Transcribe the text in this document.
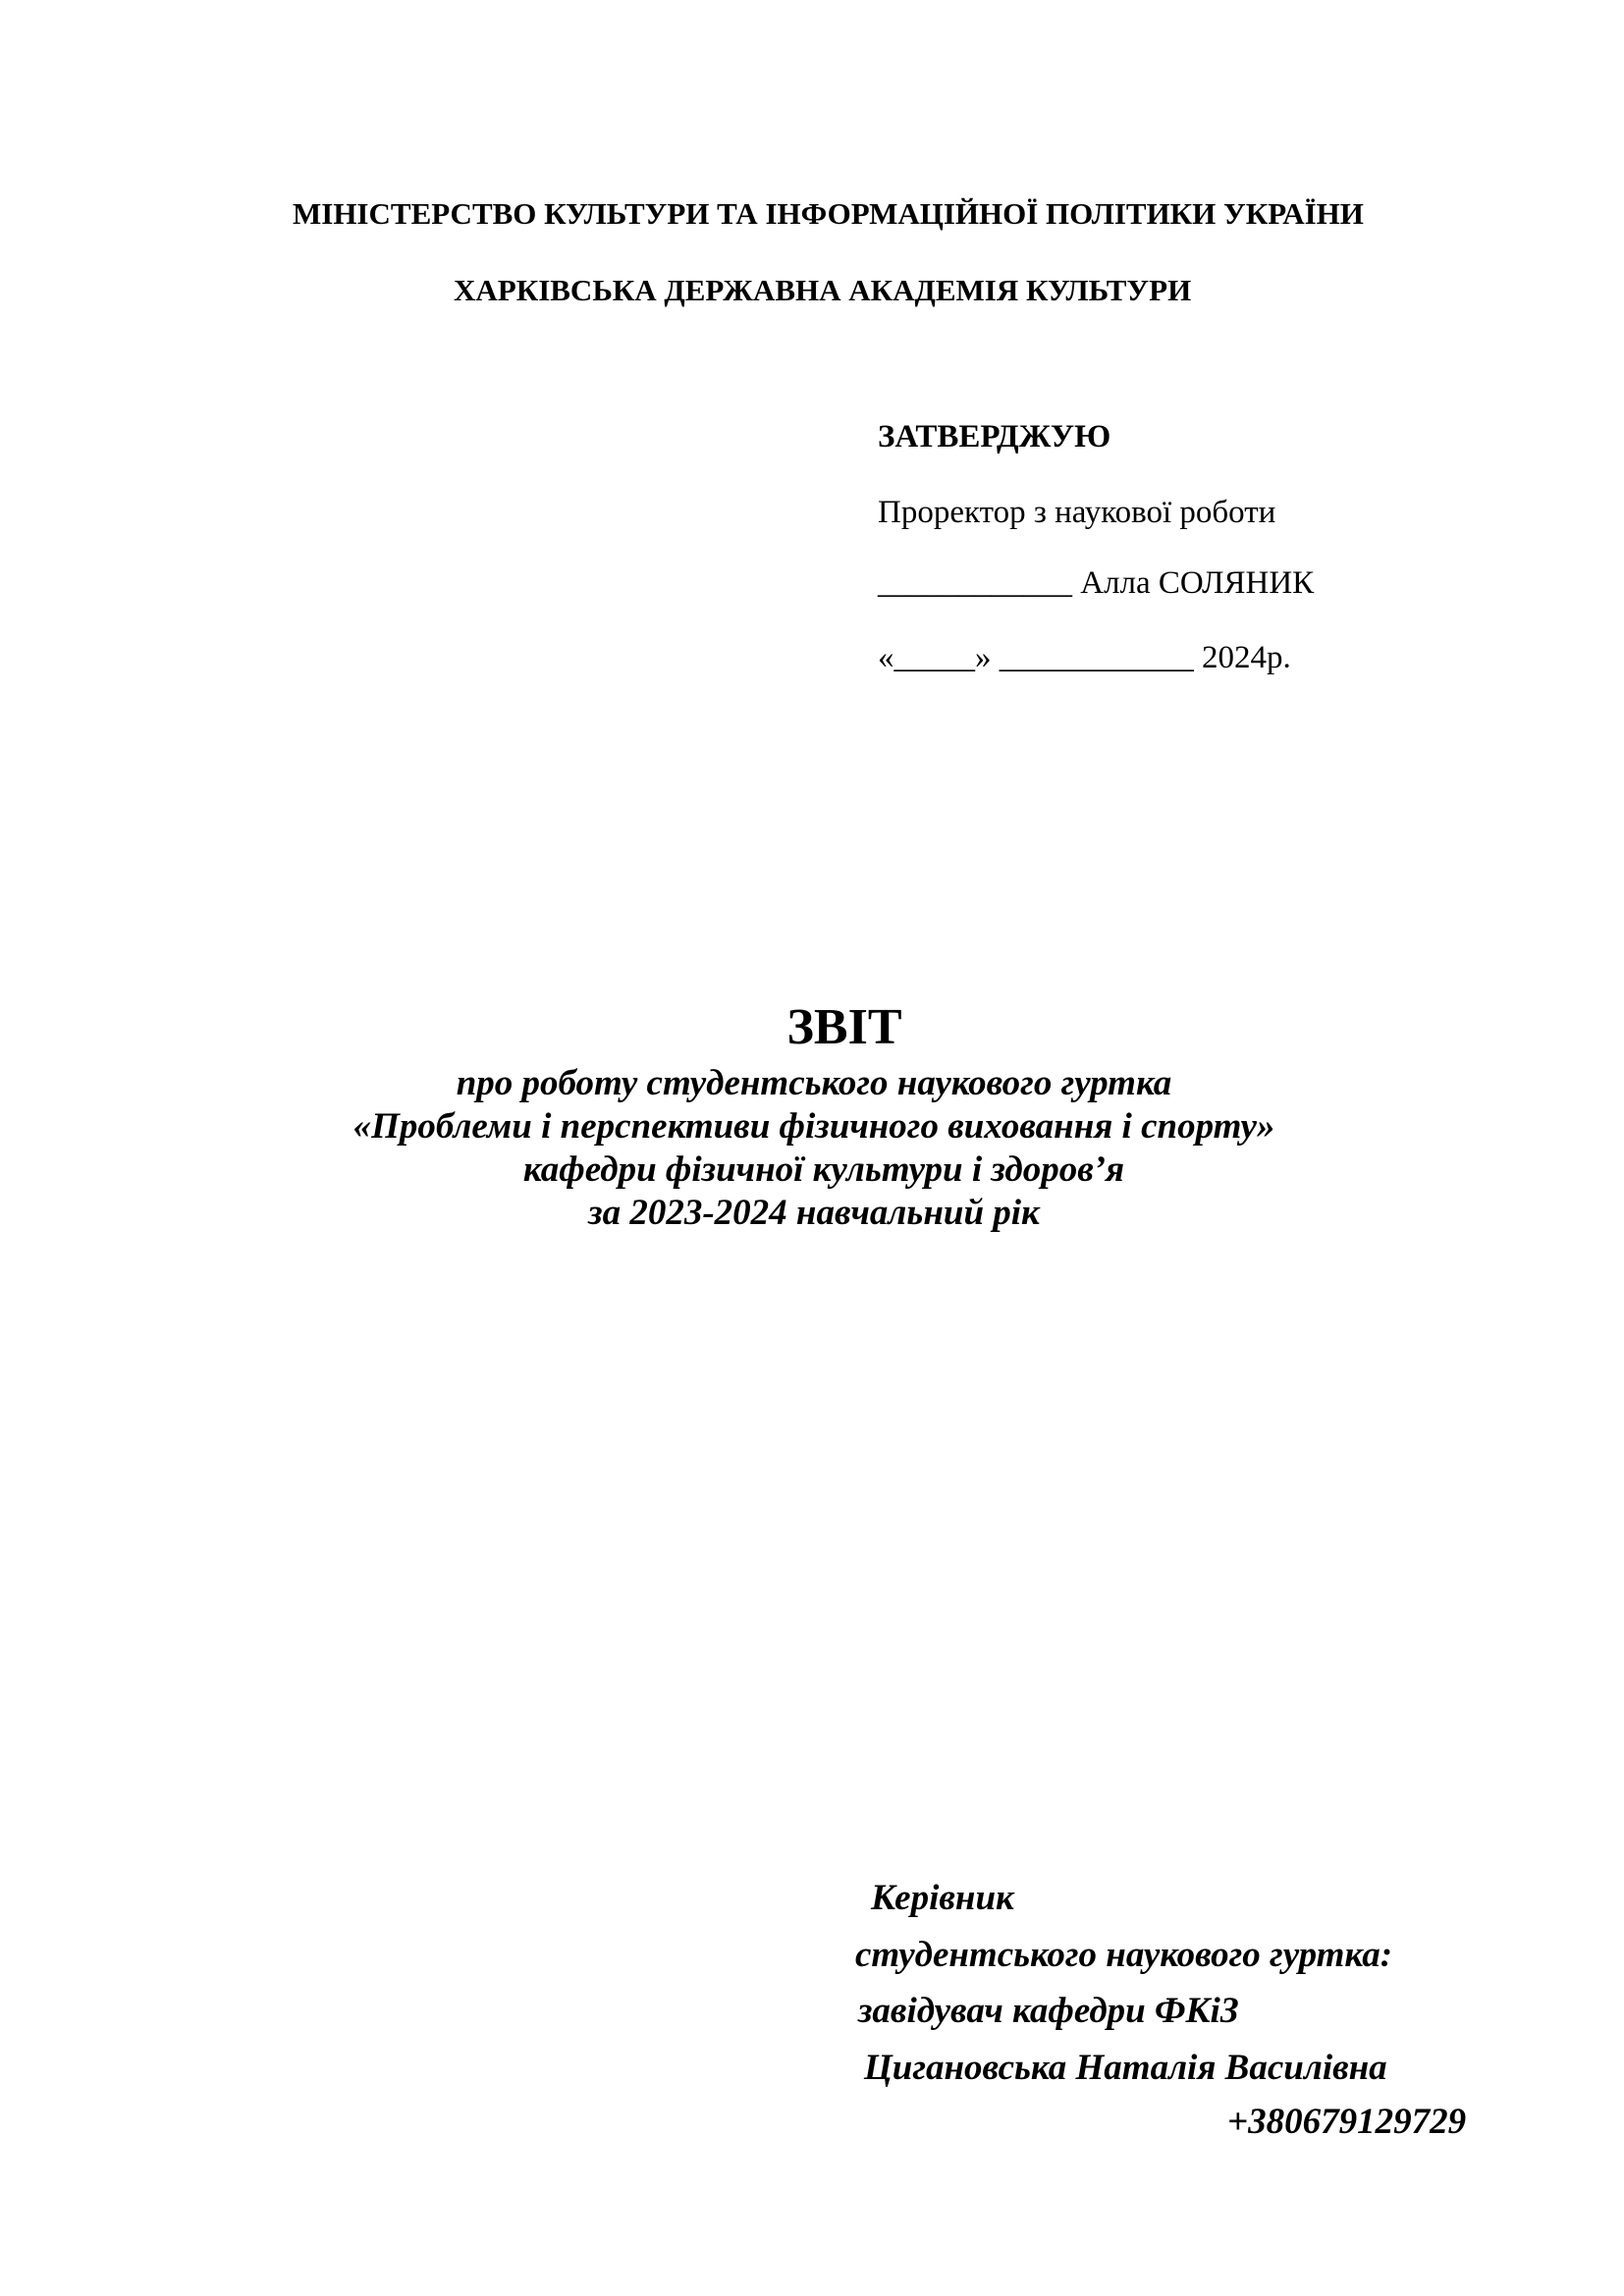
МІНІСТЕРСТВО КУЛЬТУРИ ТА ІНФОРМАЦІЙНОЇ ПОЛІТИКИ УКРАЇНИ
ХАРКІВСЬКА ДЕРЖАВНА АКАДЕМІЯ КУЛЬТУРИ
ЗАТВЕРДЖУЮ
Проректор з наукової роботи
____________ Алла СОЛЯНИК
«_____» ____________ 2024р.
ЗВІТ
про роботу студентського наукового гуртка
«Проблеми і перспективи фізичного виховання і спорту»
кафедри фізичної культури і здоров’я
за 2023-2024 навчальний рік
Керівник
студентського наукового гуртка:
завідувач кафедри ФКіЗ
Цигановська Наталія Василівна
+380679129729
